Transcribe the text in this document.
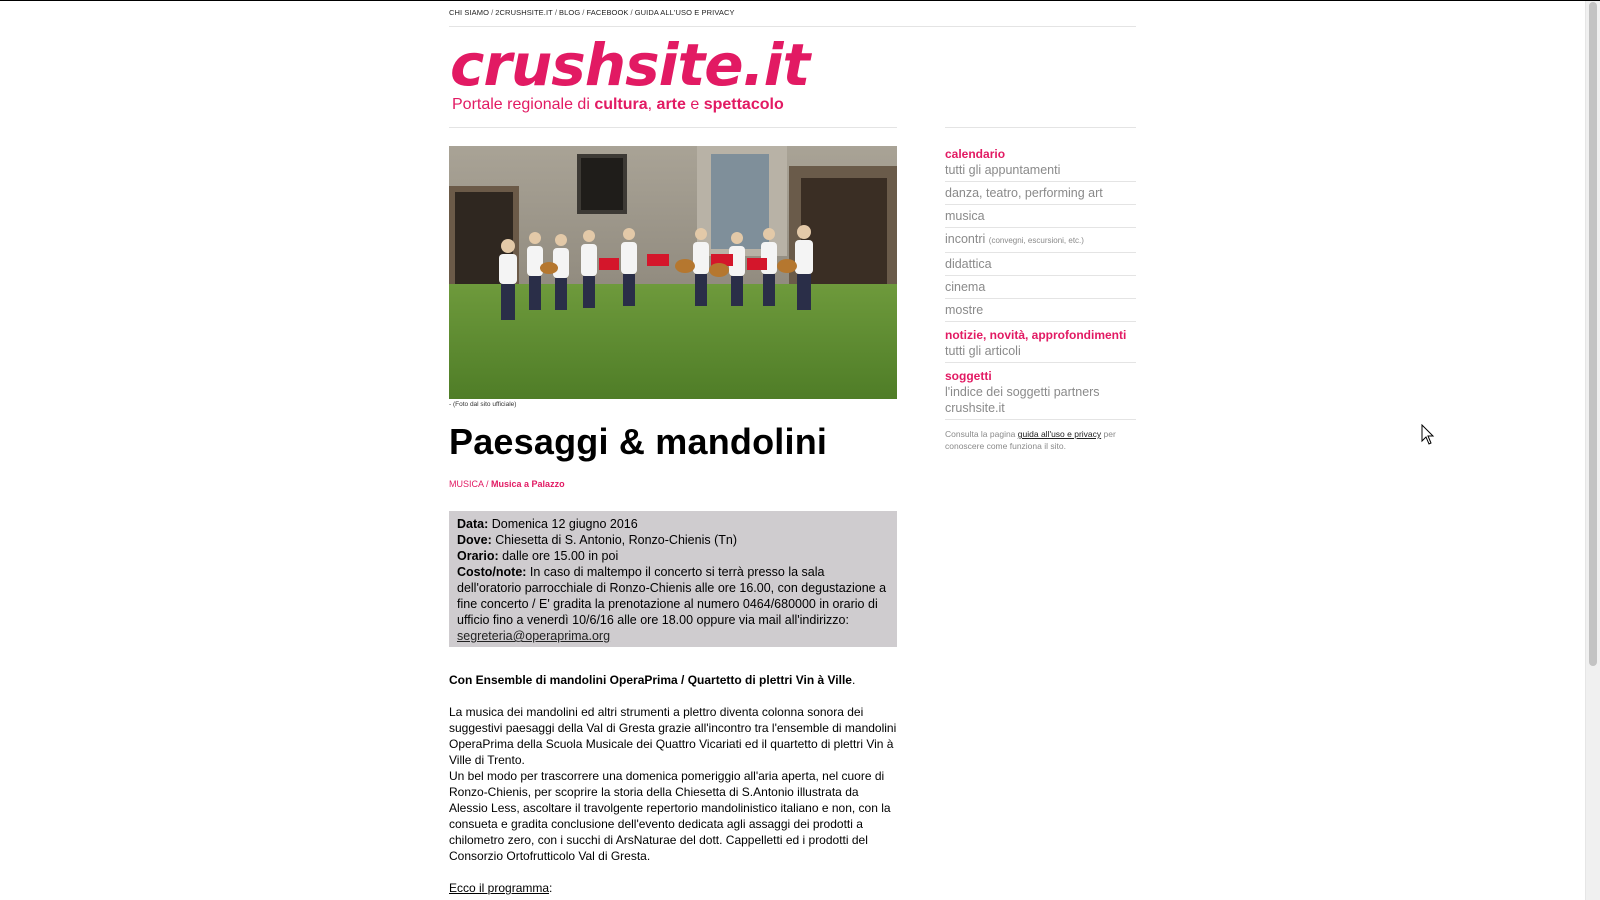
CHI SIAMO / 2CRUSHSITE.IT / BLOG / FACEBOOK / GUIDA ALL'USO E PRIVACY
crushsite.it
Portale regionale di cultura, arte e spettacolo
- (Foto dal sito ufficiale)
Paesaggi & mandolini
MUSICA / Musica a Palazzo
Data: Domenica 12 giugno 2016
Dove: Chiesetta di S. Antonio, Ronzo-Chienis (Tn)
Orario: dalle ore 15.00 in poi
Costo/note: In caso di maltempo il concerto si terrà presso la sala dell'oratorio parrocchiale di Ronzo-Chienis alle ore 16.00, con degustazione a fine concerto / E' gradita la prenotazione al numero 0464/680000 in orario di ufficio fino a venerdì 10/6/16 alle ore 18.00 oppure via mail all'indirizzo: segreteria@operaprima.org

Con Ensemble di mandolini OperaPrima / Quartetto di plettri Vin à Ville.

La musica dei mandolini ed altri strumenti a plettro diventa colonna sonora dei suggestivi paesaggi della Val di Gresta grazie all'incontro tra l'ensemble di mandolini OperaPrima della Scuola Musicale dei Quattro Vicariati ed il quartetto di plettri Vin à Ville di Trento.

Un bel modo per trascorrere una domenica pomeriggio all'aria aperta, nel cuore di Ronzo-Chienis, per scoprire la storia della Chiesetta di S.Antonio illustrata da Alessio Less, ascoltare il travolgente repertorio mandolinistico italiano e non, con la consueta e gradita conclusione dell'evento dedicata agli assaggi dei prodotti a chilometro zero, con i succhi di ArsNaturae del dott. Cappelletti ed i prodotti del Consorzio Ortofrutticolo Val di Gresta.

Ecco il programma:

calendario
tutti gli appuntamenti
danza, teatro, performing art
musica
incontri (convegni, escursioni, etc.)
didattica
cinema
mostre
notizie, novità, approfondimenti
tutti gli articoli
soggetti
l'indice dei soggetti partners crushsite.it
Consulta la pagina guida all'uso e privacy per conoscere come funziona il sito.
